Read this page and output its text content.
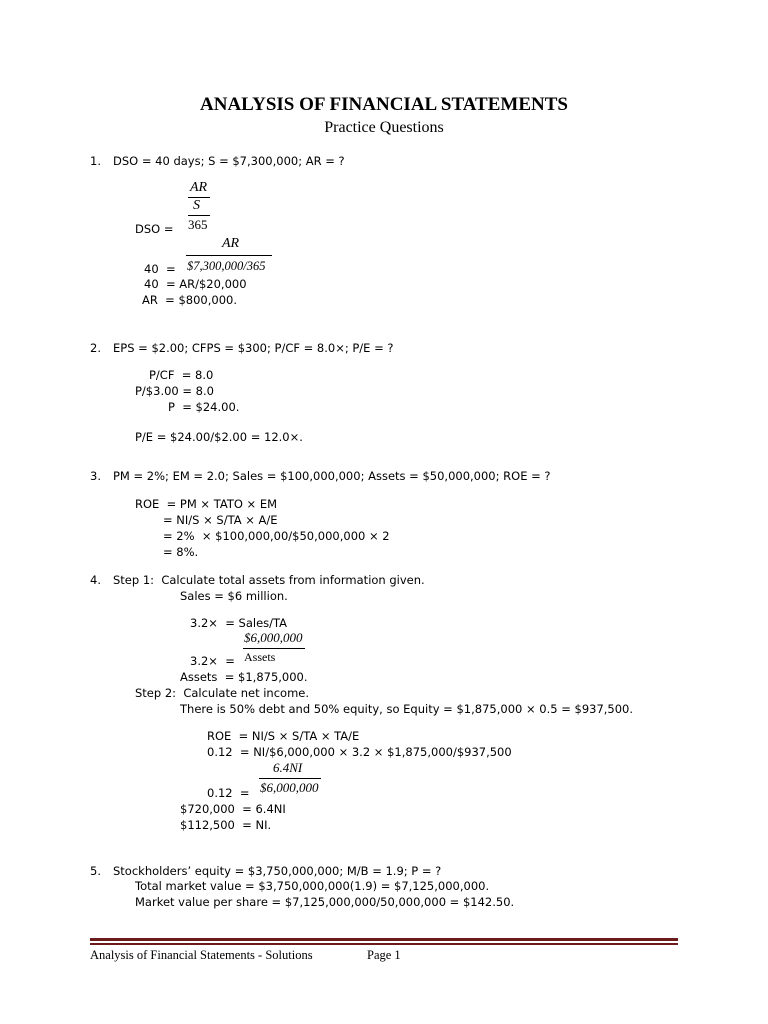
ANALYSIS OF FINANCIAL STATEMENTS
Practice Questions
1. DSO = 40 days; S = $7,300,000; AR = ?
AR
S
365
DSO =
AR
$7,300,000/365
40  =
40  = AR/$20,000
AR  = $800,000.
2. EPS = $2.00; CFPS = $300; P/CF = 8.0×; P/E = ?
P/CF  = 8.0
P/$3.00 = 8.0
P  = $24.00.
P/E = $24.00/$2.00 = 12.0×.
3. PM = 2%; EM = 2.0; Sales = $100,000,000; Assets = $50,000,000; ROE = ?
ROE  = PM × TATO × EM
= NI/S × S/TA × A/E
= 2%  × $100,000,00/$50,000,000 × 2
= 8%.
4. Step 1:  Calculate total assets from information given.
Sales = $6 million.
3.2×  = Sales/TA
$6,000,000
Assets
3.2×  =
Assets  = $1,875,000.
Step 2:  Calculate net income.
There is 50% debt and 50% equity, so Equity = $1,875,000 × 0.5 = $937,500.
ROE  = NI/S × S/TA × TA/E
0.12  = NI/$6,000,000 × 3.2 × $1,875,000/$937,500
6.4NI
$6,000,000
0.12  =
$720,000  = 6.4NI
$112,500  = NI.
5. Stockholders’ equity = $3,750,000,000; M/B = 1.9; P = ?
Total market value = $3,750,000,000(1.9) = $7,125,000,000.
Market value per share = $7,125,000,000/50,000,000 = $142.50.
Analysis of Financial Statements - Solutions	Page 1
